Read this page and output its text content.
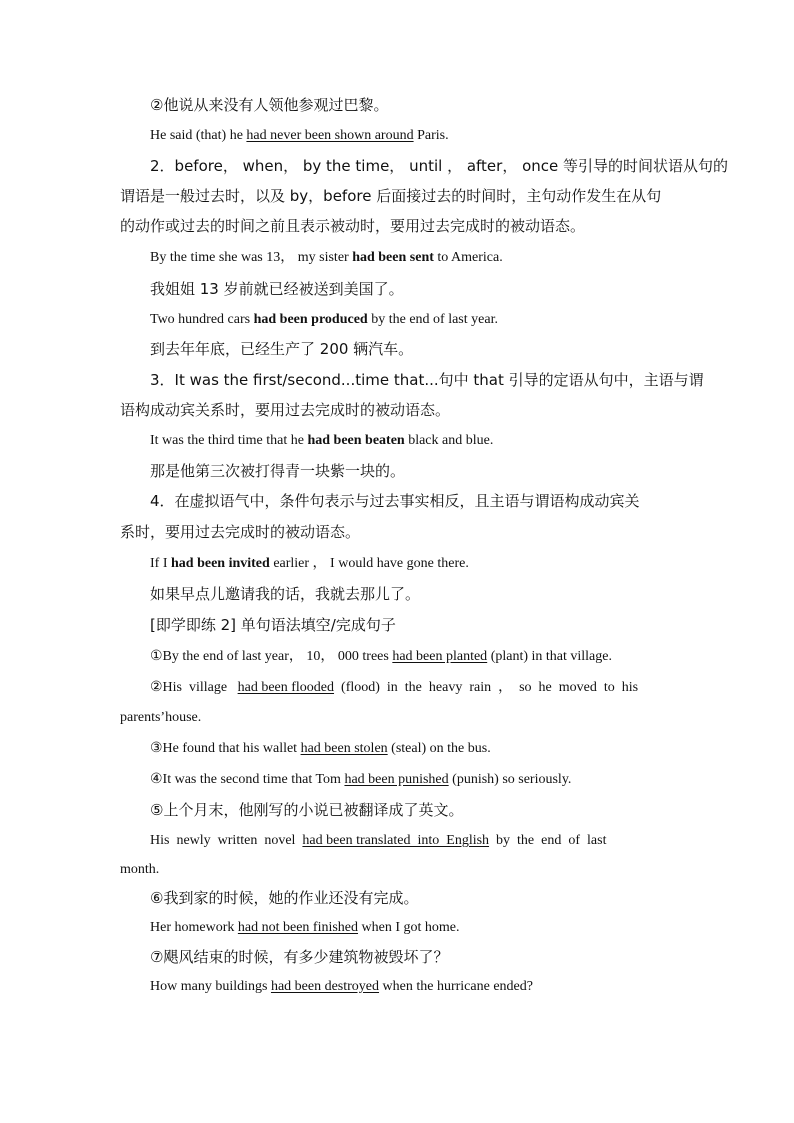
②他说从来没有人领他参观过巴黎。
He said (that) he had never been shown around Paris.
2．before， when， by the time， until ， after， once 等引导的时间状语从句的
谓语是一般过去时，以及 by，before 后面接过去的时间时，主句动作发生在从句
的动作或过去的时间之前且表示被动时，要用过去完成时的被动语态。
By the time she was 13， my sister had been sent to America.
我姐姐 13 岁前就已经被送到美国了。
Two hundred cars had been produced by the end of last year.
到去年年底，已经生产了 200 辆汽车。
3．It was the first/second...time that...句中 that 引导的定语从句中，主语与谓
语构成动宾关系时，要用过去完成时的被动语态。
It was the third time that he had been beaten black and blue.
那是他第三次被打得青一块紫一块的。
4．在虚拟语气中，条件句表示与过去事实相反，且主语与谓语构成动宾关
系时，要用过去完成时的被动语态。
If I had been invited earlier ， I would have gone there.
如果早点儿邀请我的话，我就去那儿了。
[即学即练 2] 单句语法填空/完成句子
①By the end of last year， 10， 000 trees had been planted (plant) in that village.
②His  village   had been flooded  (flood)  in  the  heavy  rain  ，  so  he  moved  to  his
parents’house.
③He found that his wallet had been stolen (steal) on the bus.
④It was the second time that Tom had been punished (punish) so seriously.
⑤上个月末，他刚写的小说已被翻译成了英文。
His  newly  written  novel  had been translated  into  English  by  the  end  of  last
month.
⑥我到家的时候，她的作业还没有完成。
Her homework had not been finished when I got home.
⑦飓风结束的时候，有多少建筑物被毁坏了？
How many buildings had been destroyed when the hurricane ended?
